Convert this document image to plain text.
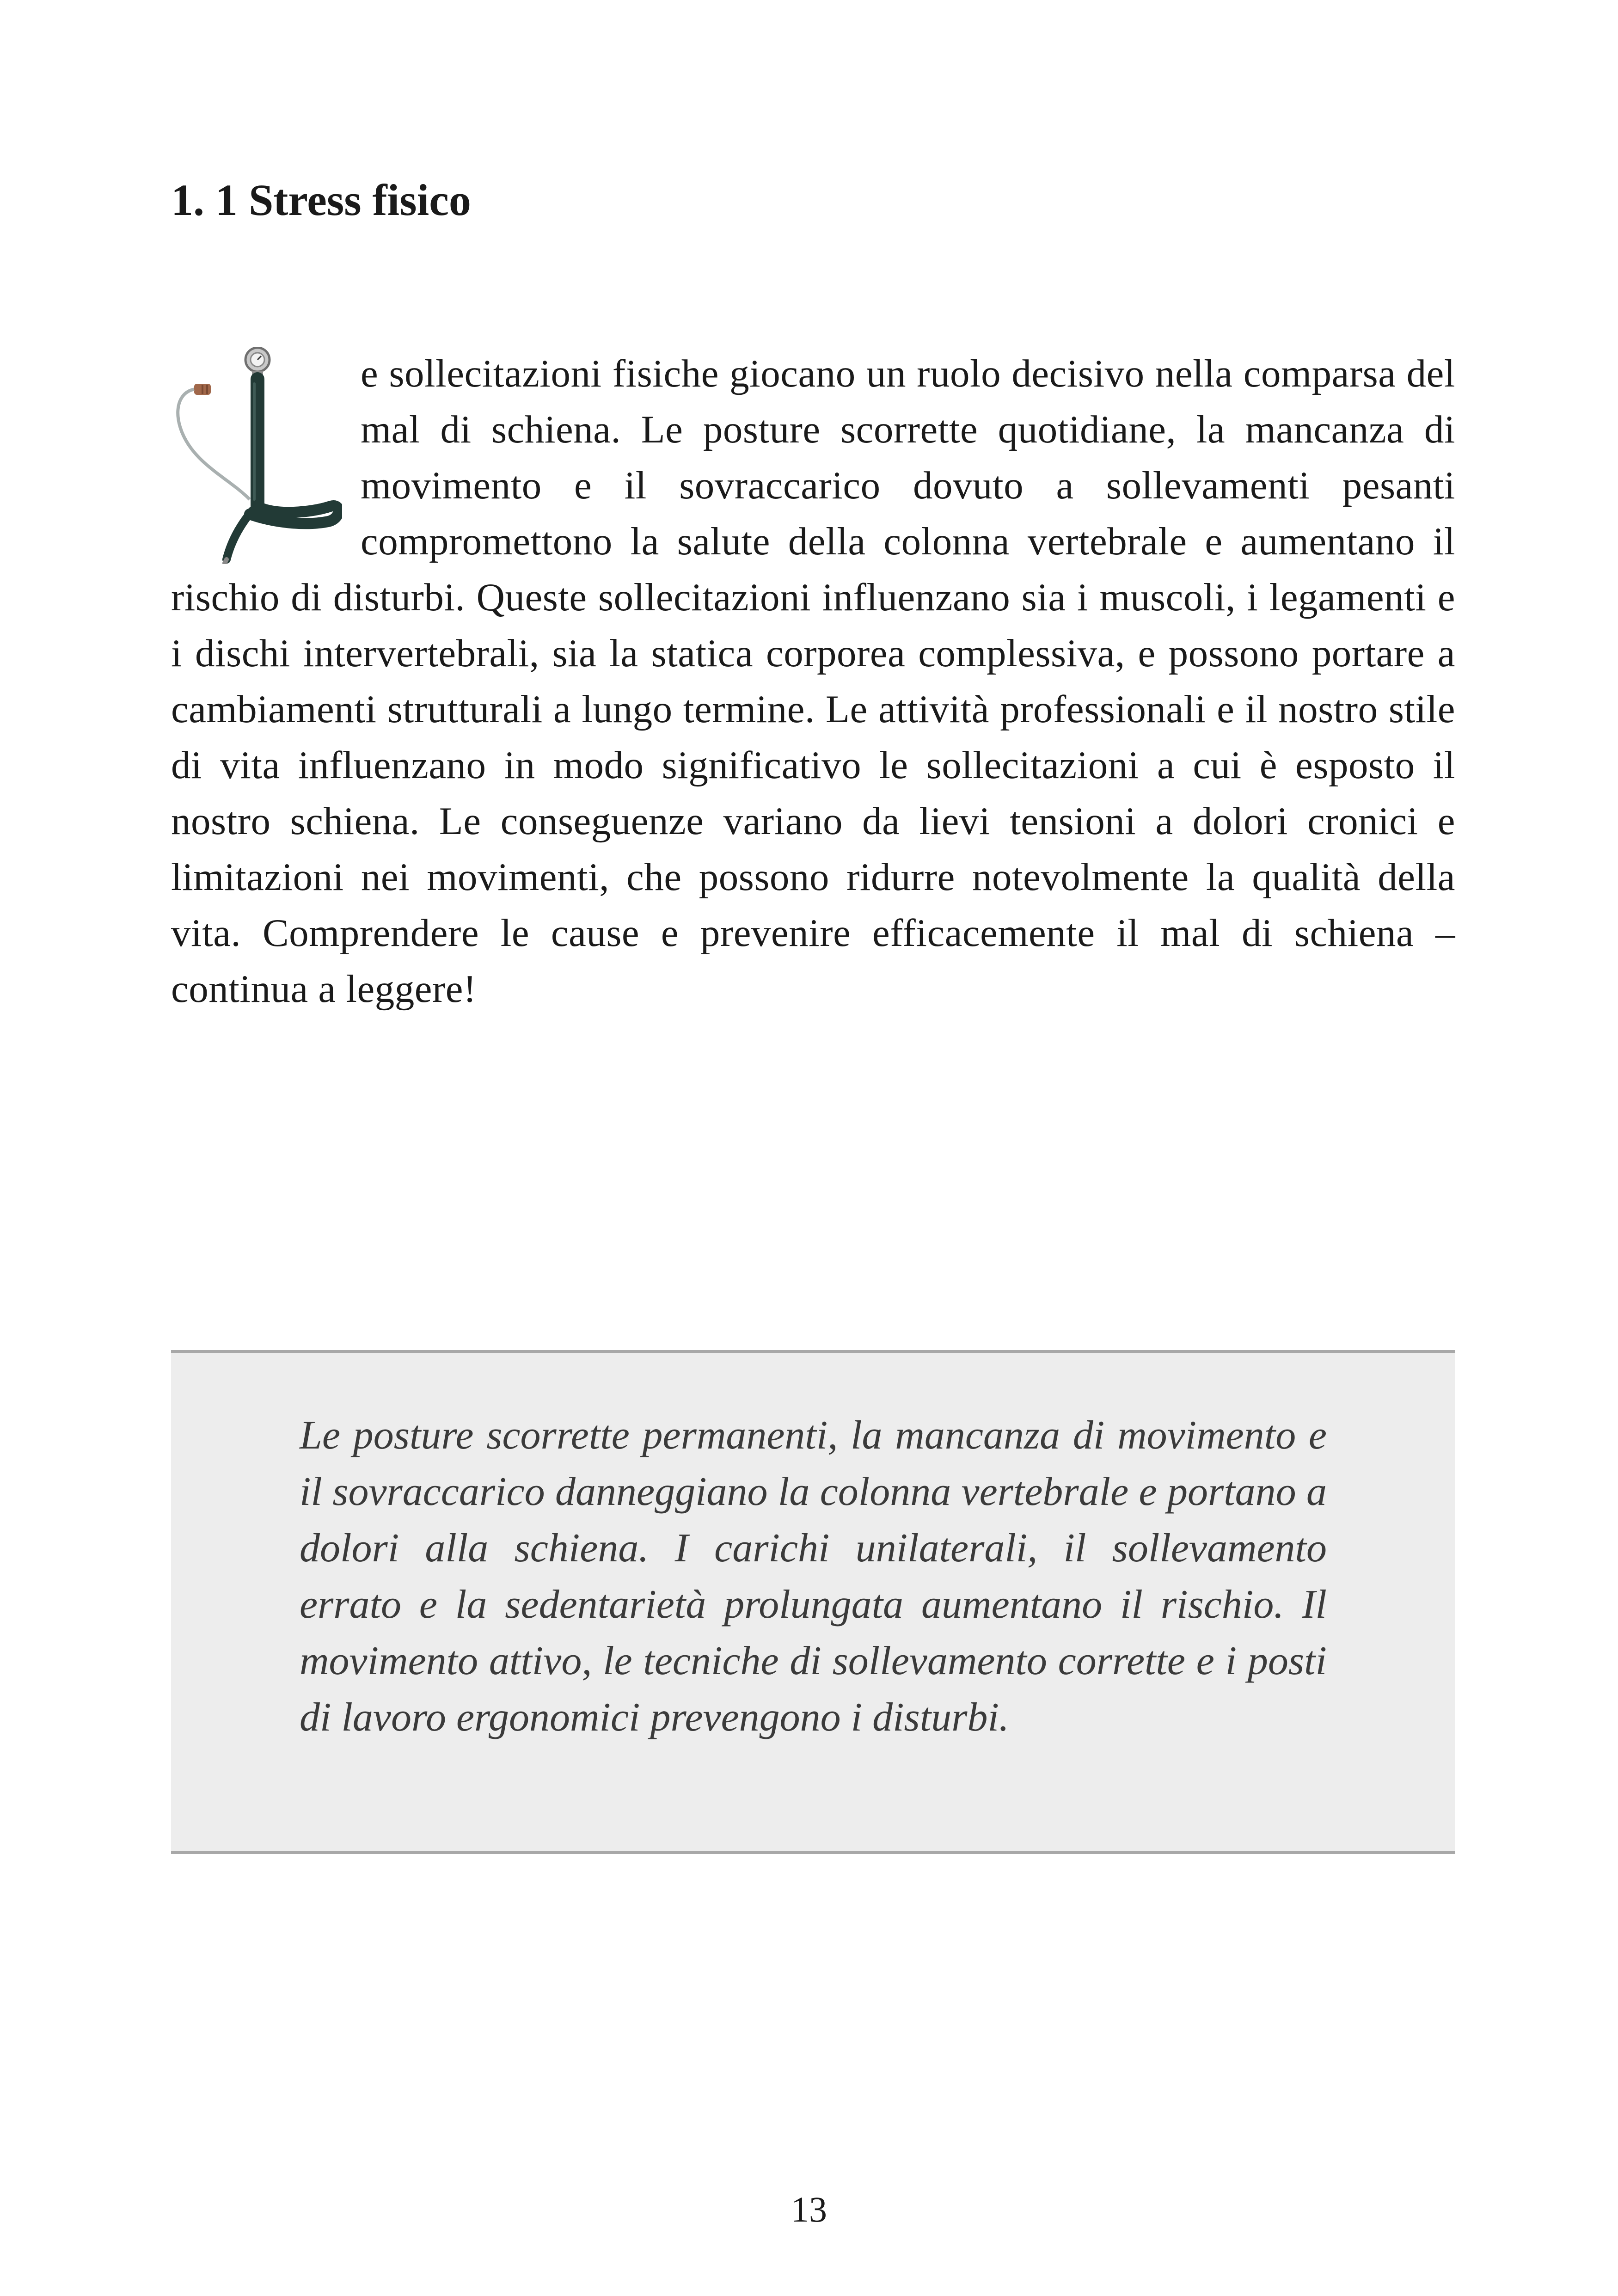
1. 1 Stress fisico

e sollecitazioni fisiche giocano un ruolo decisivo nella comparsa del mal di schiena. Le posture scorrette quotidiane, la mancanza di movimento e il sovraccarico dovuto a sollevamenti pesanti compromettono la salute della colonna vertebrale e aumentano il rischio di disturbi. Queste sollecitazioni influenzano sia i muscoli, i legamenti e i dischi intervertebrali, sia la statica corporea complessiva, e possono portare a cambiamenti strutturali a lungo termine. Le attività professionali e il nostro stile di vita influenzano in modo significativo le sollecitazioni a cui è esposto il nostro schiena. Le conseguenze variano da lievi tensioni a dolori cronici e limitazioni nei movimenti, che possono ridurre notevolmente la qualità della vita. Comprendere le cause e prevenire efficacemente il mal di schiena – continua a leggere!

Le posture scorrette permanenti, la mancanza di movimento e il sovraccarico danneggiano la colonna vertebrale e portano a dolori alla schiena. I carichi unilaterali, il sollevamento errato e la sedentarietà prolungata aumentano il rischio. Il movimento attivo, le tecniche di sollevamento corrette e i posti di lavoro ergonomici prevengono i disturbi.

13
